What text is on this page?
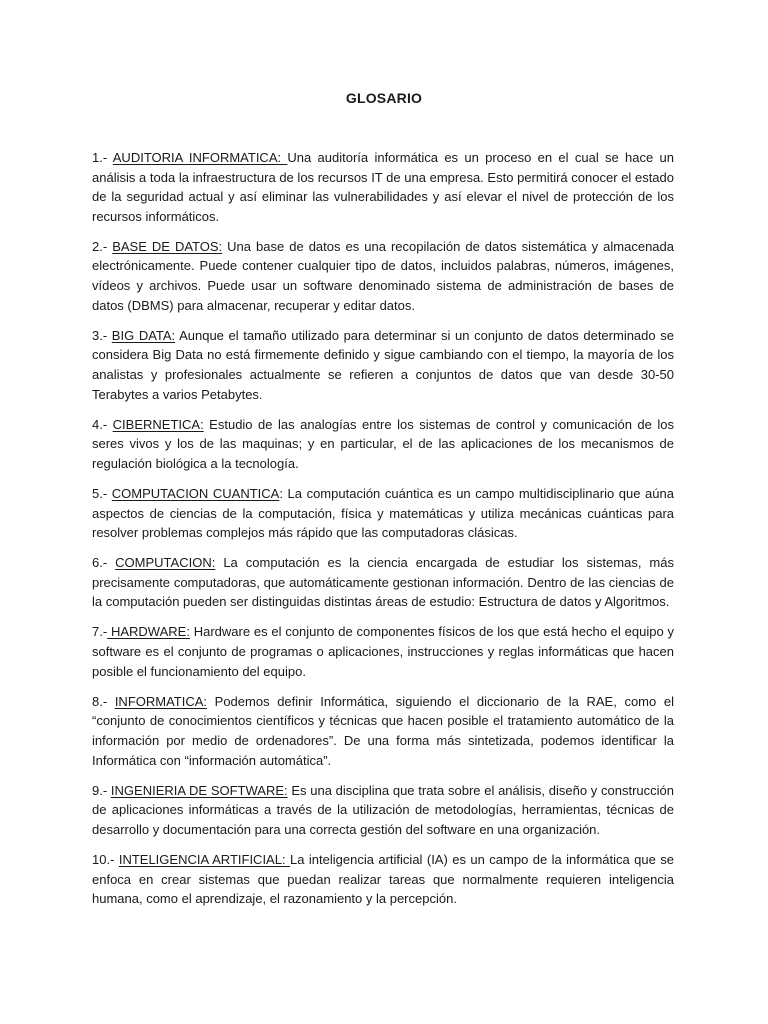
GLOSARIO

1.- AUDITORIA INFORMATICA: Una auditoría informática es un proceso en el cual se hace un análisis a toda la infraestructura de los recursos IT de una empresa. Esto permitirá conocer el estado de la seguridad actual y así eliminar las vulnerabilidades y así elevar el nivel de protección de los recursos informáticos.

2.- BASE DE DATOS: Una base de datos es una recopilación de datos sistemática y almacenada electrónicamente. Puede contener cualquier tipo de datos, incluidos palabras, números, imágenes, vídeos y archivos. Puede usar un software denominado sistema de administración de bases de datos (DBMS) para almacenar, recuperar y editar datos.

3.- BIG DATA: Aunque el tamaño utilizado para determinar si un conjunto de datos determinado se considera Big Data no está firmemente definido y sigue cambiando con el tiempo, la mayoría de los analistas y profesionales actualmente se refieren a conjuntos de datos que van desde 30-50 Terabytes a varios Petabytes.

4.- CIBERNETICA: Estudio de las analogías entre los sistemas de control y comunicación de los seres vivos y los de las maquinas; y en particular, el de las aplicaciones de los mecanismos de regulación biológica a la tecnología.

5.- COMPUTACION CUANTICA: La computación cuántica es un campo multidisciplinario que aúna aspectos de ciencias de la computación, física y matemáticas y utiliza mecánicas cuánticas para resolver problemas complejos más rápido que las computadoras clásicas.

6.- COMPUTACION: La computación es la ciencia encargada de estudiar los sistemas, más precisamente computadoras, que automáticamente gestionan información. Dentro de las ciencias de la computación pueden ser distinguidas distintas áreas de estudio: Estructura de datos y Algoritmos.

7.- HARDWARE: Hardware es el conjunto de componentes físicos de los que está hecho el equipo y software es el conjunto de programas o aplicaciones, instrucciones y reglas informáticas que hacen posible el funcionamiento del equipo.

8.- INFORMATICA: Podemos definir Informática, siguiendo el diccionario de la RAE, como el “conjunto de conocimientos científicos y técnicas que hacen posible el tratamiento automático de la información por medio de ordenadores”. De una forma más sintetizada, podemos identificar la Informática con “información automática”.

9.- INGENIERIA DE SOFTWARE: Es una disciplina que trata sobre el análisis, diseño y construcción de aplicaciones informáticas a través de la utilización de metodologías, herramientas, técnicas de desarrollo y documentación para una correcta gestión del software en una organización.

10.- INTELIGENCIA ARTIFICIAL: La inteligencia artificial (IA) es un campo de la informática que se enfoca en crear sistemas que puedan realizar tareas que normalmente requieren inteligencia humana, como el aprendizaje, el razonamiento y la percepción.
